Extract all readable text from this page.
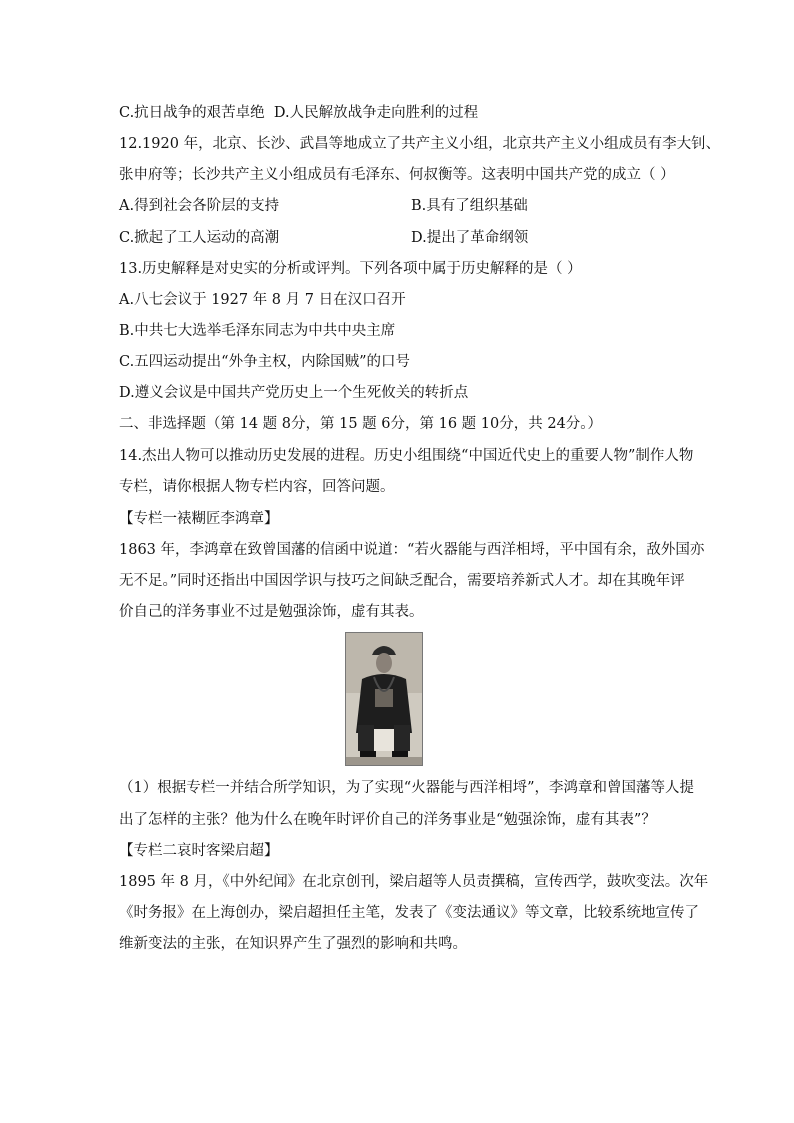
C.抗日战争的艰苦卓绝 D.人民解放战争走向胜利的过程
12.1920 年，北京、长沙、武昌等地成立了共产主义小组，北京共产主义小组成员有李大钊、
张申府等；长沙共产主义小组成员有毛泽东、何叔衡等。这表明中国共产党的成立（ ）
A.得到社会各阶层的支持	B.具有了组织基础
C.掀起了工人运动的高潮	D.提出了革命纲领
13.历史解释是对史实的分析或评判。下列各项中属于历史解释的是（ ）
A.八七会议于 1927 年 8 月 7 日在汉口召开
B.中共七大选举毛泽东同志为中共中央主席
C.五四运动提出“外争主权，内除国贼”的口号
D.遵义会议是中国共产党历史上一个生死攸关的转折点
二、非选择题（第 14 题 8分，第 15 题 6分，第 16 题 10分，共 24分。）
14.杰出人物可以推动历史发展的进程。历史小组围绕“中国近代史上的重要人物”制作人物
专栏，请你根据人物专栏内容，回答问题。
【专栏一裱糊匠李鸿章】
1863 年，李鸿章在致曾国藩的信函中说道：“若火器能与西洋相埒，平中国有余，敌外国亦
无不足。”同时还指出中国因学识与技巧之间缺乏配合，需要培养新式人才。却在其晚年评
价自己的洋务事业不过是勉强涂饰，虚有其表。
（1）根据专栏一并结合所学知识，为了实现“火器能与西洋相埒”，李鸿章和曾国藩等人提
出了怎样的主张？他为什么在晚年时评价自己的洋务事业是“勉强涂饰，虚有其表”？
【专栏二哀时客梁启超】
1895 年 8 月，《中外纪闻》在北京创刊，梁启超等人员责撰稿，宣传西学，鼓吹变法。次年
《时务报》在上海创办，梁启超担任主笔，发表了《变法通议》等文章，比较系统地宣传了
维新变法的主张，在知识界产生了强烈的影响和共鸣。
